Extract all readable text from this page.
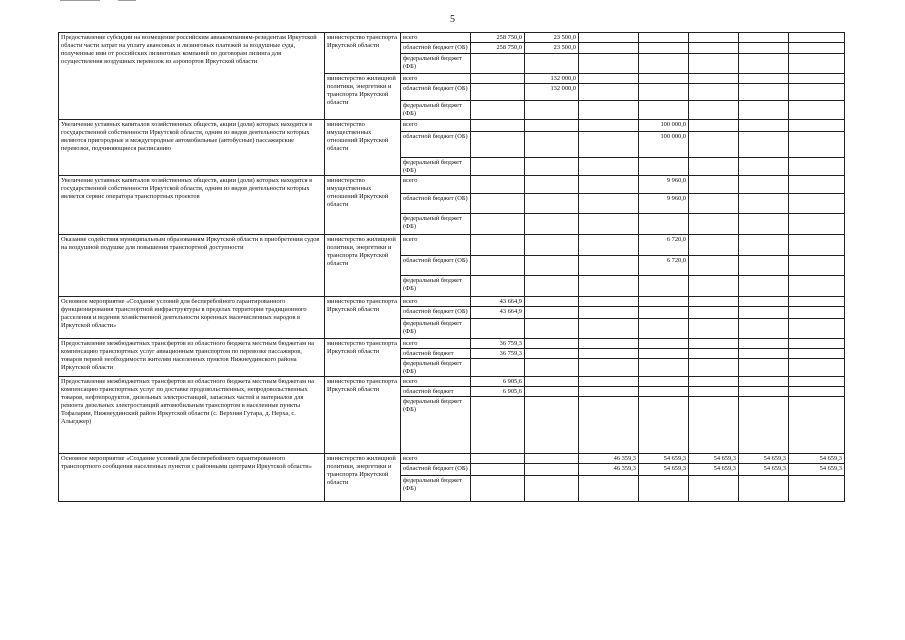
5
Предоставление субсидии на возмещение российским авиакомпаниям-резидентам Иркутской области части затрат на уплату авансовых и лизинговых платежей за воздушные суда, полученные ими от российских лизинговых компаний по договорам лизинга для осуществления воздушных перевозок из аэропортов Иркутской области	министерство транспорта Иркутской области	всего	258 750,0	23 500,0					
		областной бюджет (ОБ)	258 750,0	23 500,0					
		федеральный бюджет (ФБ)							
	министерство жилищной политики, энергетики и транспорта Иркутской области	всего		132 000,0					
		областной бюджет (ОБ)		132 000,0					
		федеральный бюджет (ФБ)							
Увеличение уставных капиталов хозяйственных обществ, акции (доли) которых находятся в государственной собственности Иркутской области, одним из видов деятельности которых являются пригородные и междугородные автомобильные (автобусные) пассажирские перевозки, подчиняющиеся расписанию	министерство имущественных отношений Иркутской области	всего				100 000,0			
		областной бюджет (ОБ)				100 000,0			
		федеральный бюджет (ФБ)							
Увеличение уставных капиталов хозяйственных обществ, акции (доли) которых находятся в государственной собственности Иркутской области, одним из видов деятельности которых является сервис оператора транспортных проектов	министерство имущественных отношений Иркутской области	всего				9 960,0			
		областной бюджет (ОБ)				9 960,0			
		федеральный бюджет (ФБ)							
Оказание содействия муниципальным образованиям Иркутской области в приобретении судов на воздушной подушке для повышения транспортной доступности	министерство жилищной политики, энергетики и транспорта Иркутской области	всего				6 720,0			
		областной бюджет (ОБ)				6 720,0			
		федеральный бюджет (ФБ)							
Основное мероприятие «Создание условий для бесперебойного гарантированного функционирования транспортной инфраструктуры в пределах территории традиционного расселения и ведения хозяйственной деятельности коренных малочисленных народов в Иркутской области»	министерство транспорта Иркутской области	всего	43 664,9						
		областной бюджет (ОБ)	43 664,9						
		федеральный бюджет (ФБ)							
Предоставление межбюджетных трансфертов из областного бюджета местным бюджетам на компенсацию транспортных услуг авиационным транспортом по перевозке пассажиров, товаров первой необходимости жителям населенных пунктов Нижнеудинского района Иркутской области	министерство транспорта Иркутской области	всего	36 759,3						
		областной бюджет	36 759,3						
		федеральный бюджет (ФБ)							
Предоставление межбюджетных трансфертов из областного бюджета местным бюджетам на компенсацию транспортных услуг по доставке продовольственных, непродовольственных товаров, нефтепродуктов, дизельных электростанций, запасных частей и материалов для ремонта дизельных электростанций автомобильным транспортом в населенные пункты Тофаларии, Нижнеудинский район Иркутской области (с. Верхняя Гутара, д. Нерха, с. Алыгджер)	министерство транспорта Иркутской области	всего	6 905,6						
		областной бюджет	6 905,6						
		федеральный бюджет (ФБ)							
Основное мероприятие «Создание условий для бесперебойного гарантированного транспортного сообщения населенных пунктов с районными центрами Иркутской области»	министерство жилищной политики, энергетики и транспорта Иркутской области	всего			46 359,3	54 659,3	54 659,3	54 659,3	54 659,3
		областной бюджет (ОБ)			46 359,3	54 659,3	54 659,3	54 659,3	54 659,3
		федеральный бюджет (ФБ)							
